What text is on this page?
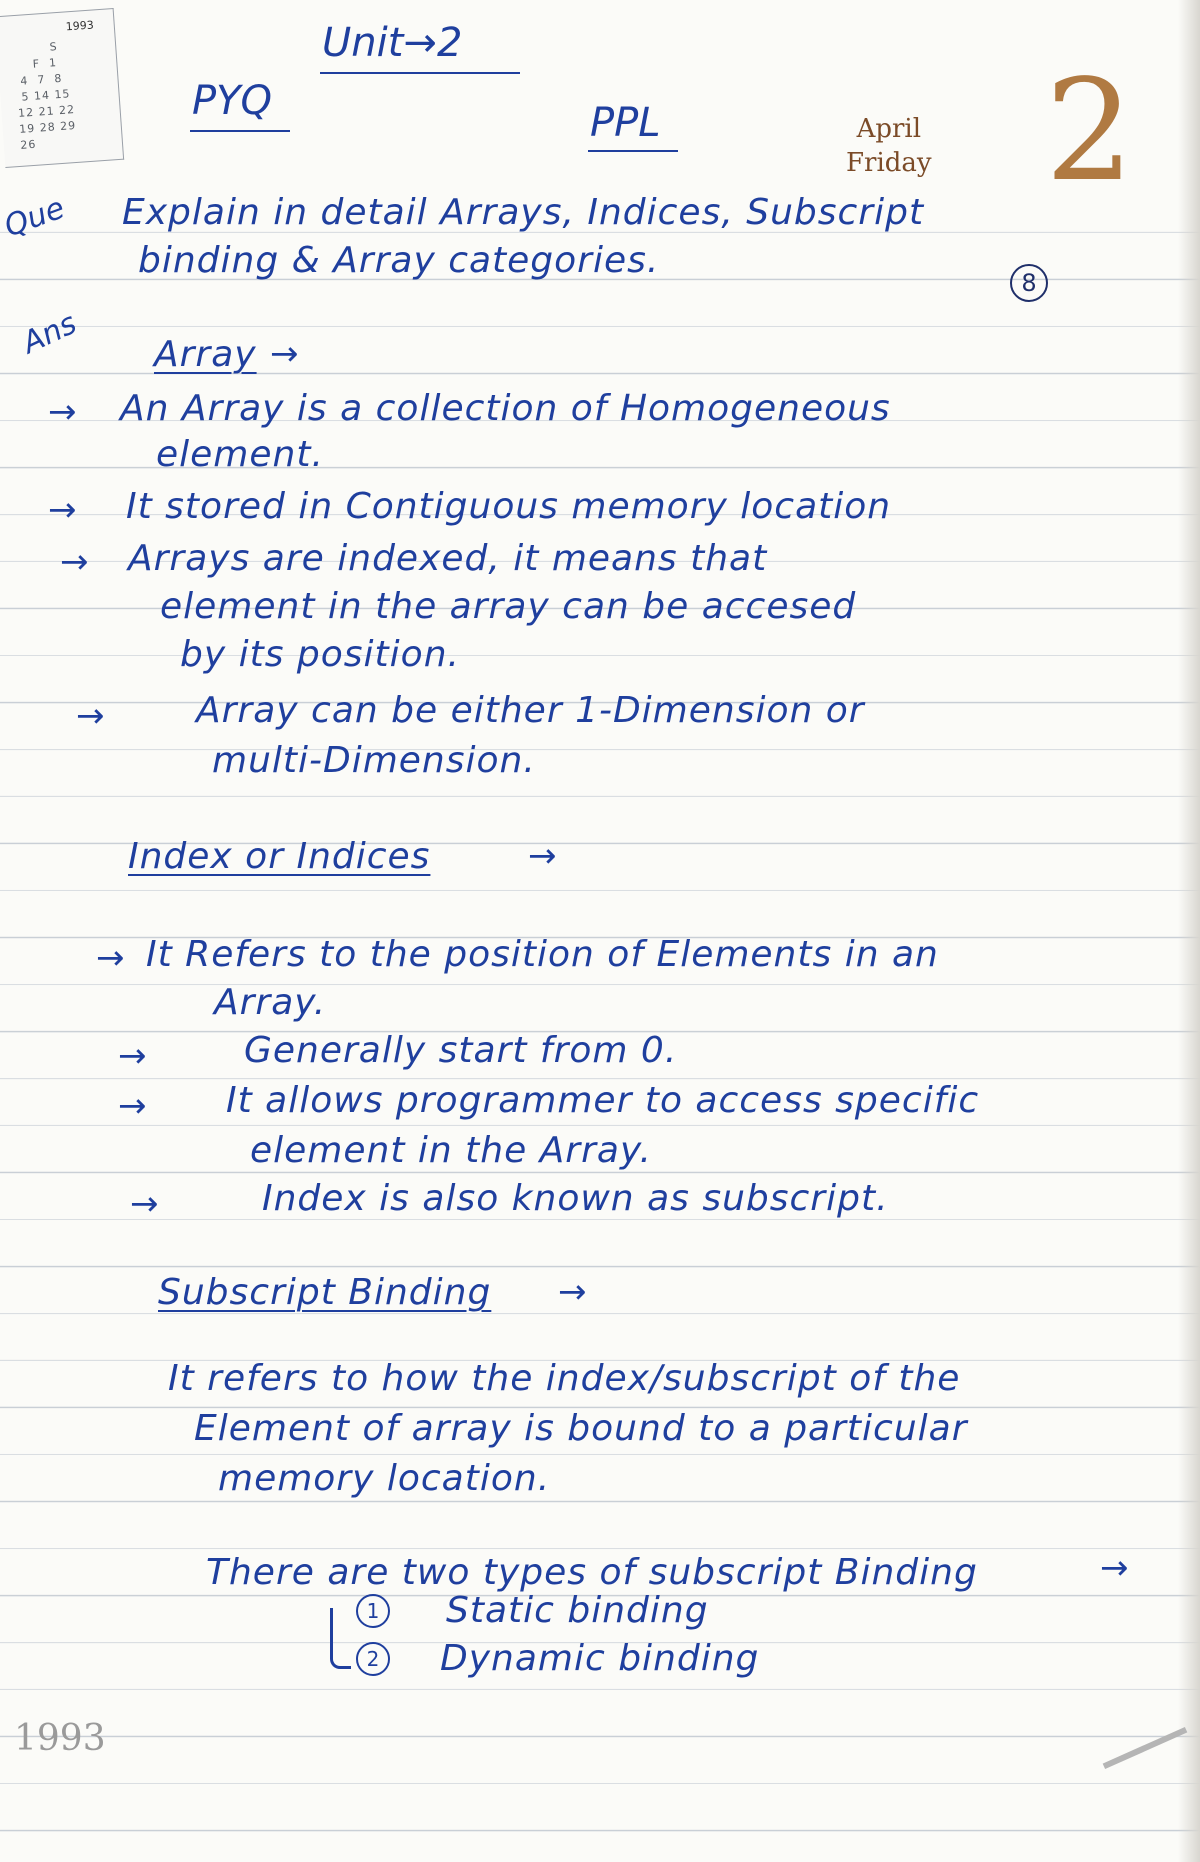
1993
S
F  1
4  7  8
5 14 15
12 21 22
19 28 29
26
Unit→2
PYQ	PPL	April
Friday 2
Que Explain in detail Arrays, Indices, Subscript
binding & Array categories.
8
Ans Array →
→ An Array is a collection of Homogeneous
element.
→ It stored in Contiguous memory location
→ Arrays are indexed, it means that
element in the array can be accesed
by its position.
→	Array can be either 1-Dimension or
multi-Dimension.
Index or Indices	→
→ It Refers to the position of Elements in an
Array.
→	Generally start from 0.
→ It allows programmer to access specific
element in the Array.
→	Index is also known as subscript.
Subscript Binding →
It refers to how the index/subscript of the
Element of array is bound to a particular
memory location.
There are two types of subscript Binding	→
1 Static binding
2 Dynamic binding
1993
